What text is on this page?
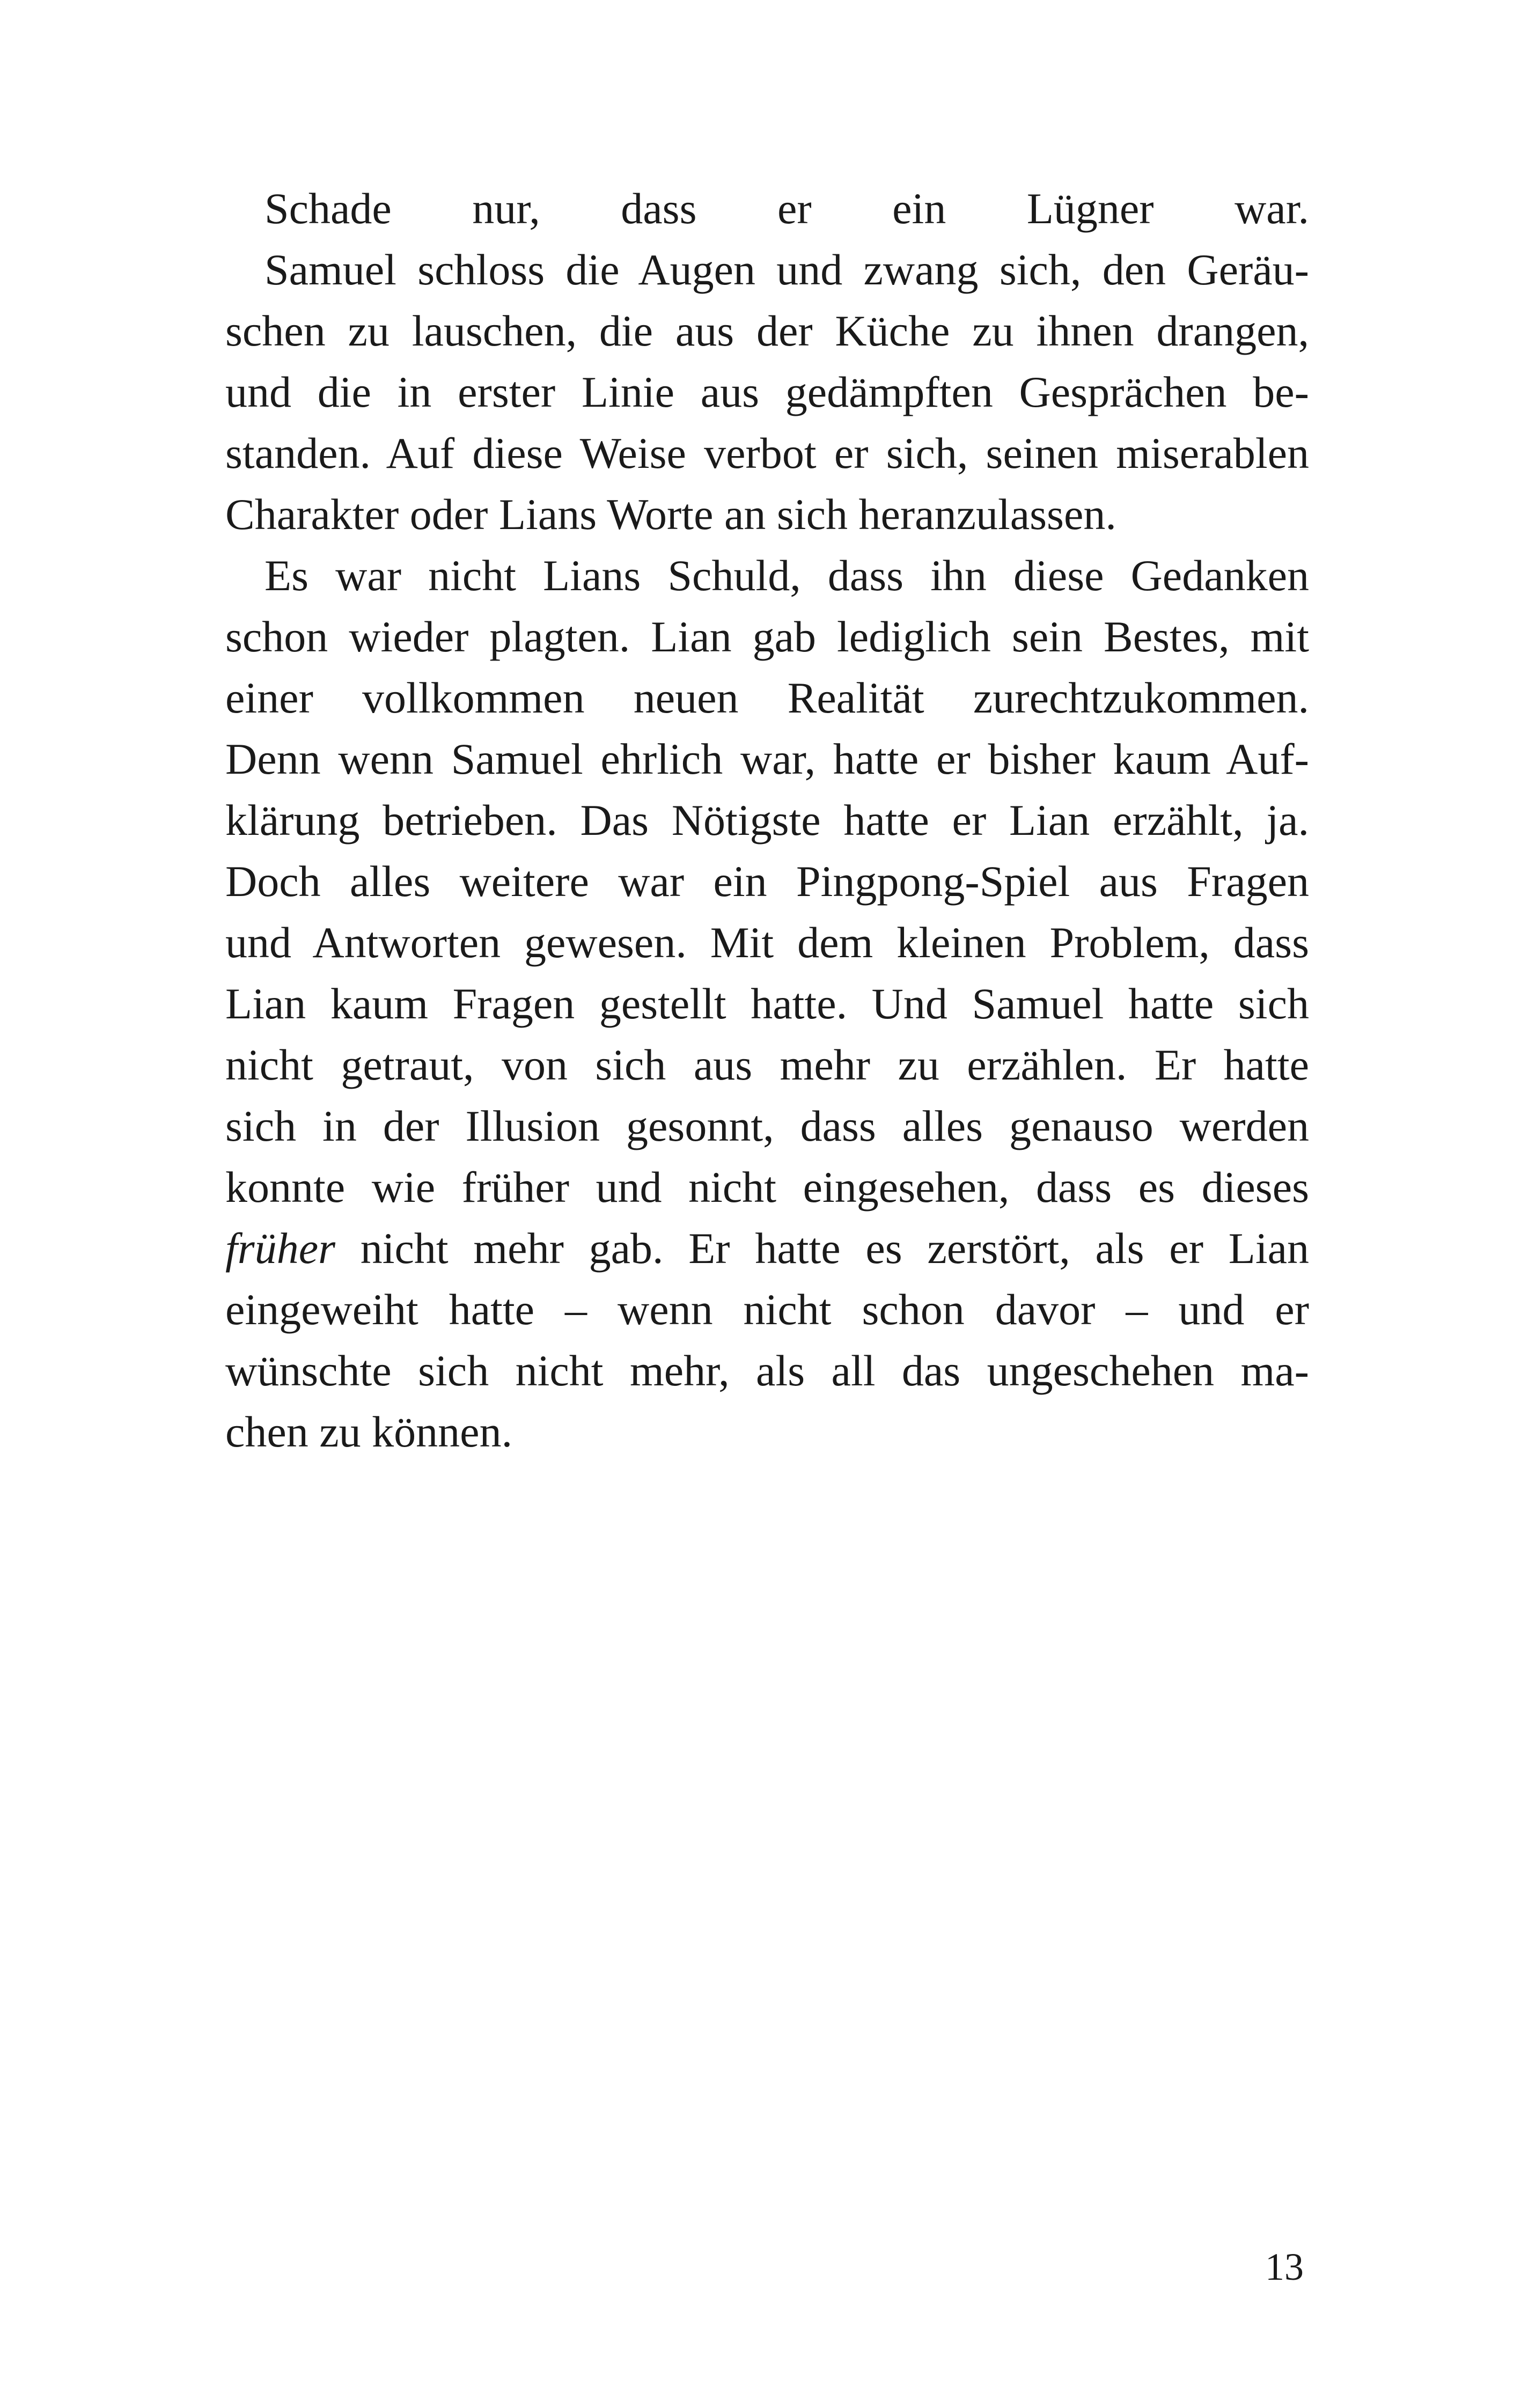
Schade nur, dass er ein Lügner war.
Samuel schloss die Augen und zwang sich, den Geräu-
schen zu lauschen, die aus der Küche zu ihnen drangen,
und die in erster Linie aus gedämpften Gesprächen be-
standen. Auf diese Weise verbot er sich, seinen miserablen
Charakter oder Lians Worte an sich heranzulassen.
Es war nicht Lians Schuld, dass ihn diese Gedanken
schon wieder plagten. Lian gab lediglich sein Bestes, mit
einer vollkommen neuen Realität zurechtzukommen.
Denn wenn Samuel ehrlich war, hatte er bisher kaum Auf-
klärung betrieben. Das Nötigste hatte er Lian erzählt, ja.
Doch alles weitere war ein Pingpong-Spiel aus Fragen
und Antworten gewesen. Mit dem kleinen Problem, dass
Lian kaum Fragen gestellt hatte. Und Samuel hatte sich
nicht getraut, von sich aus mehr zu erzählen. Er hatte
sich in der Illusion gesonnt, dass alles genauso werden
konnte wie früher und nicht eingesehen, dass es dieses
früher nicht mehr gab. Er hatte es zerstört, als er Lian
eingeweiht hatte – wenn nicht schon davor – und er
wünschte sich nicht mehr, als all das ungeschehen ma-
chen zu können.
13
